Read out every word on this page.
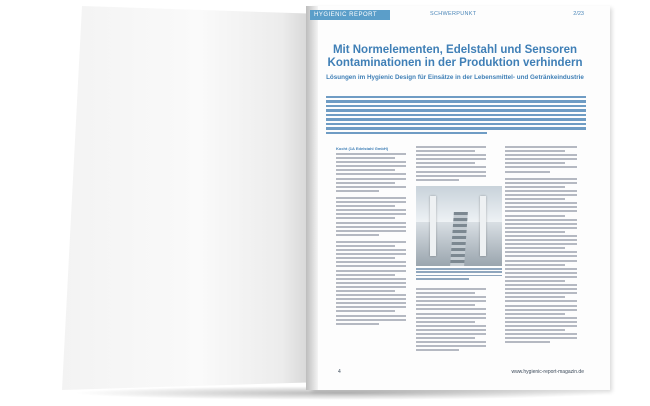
HYGIENIC REPORT	SCHWERPUNKT	2/23
Mit Normelementen, Edelstahl und Sensoren
Kontaminationen in der Produktion verhindern
Lösungen im Hygienic Design für Einsätze in der Lebensmittel- und Getränkeindustrie
Kocht (1A Edelstahl GmbH)
4	www.hygienic-report-magazin.de
